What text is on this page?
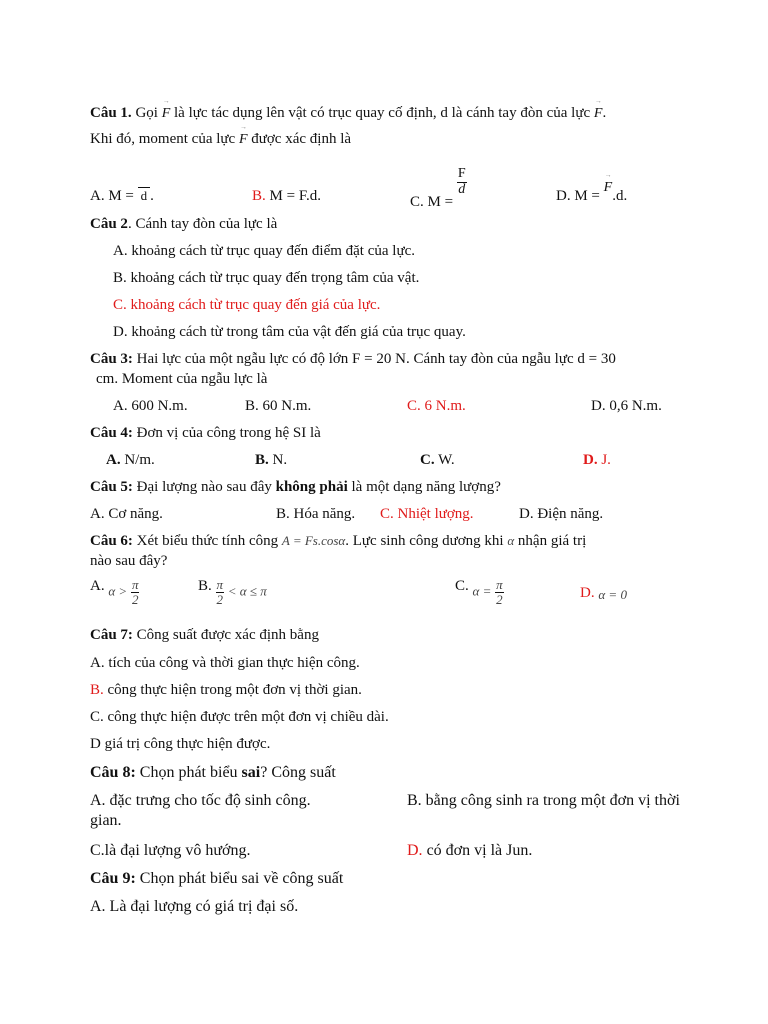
Câu 1. Gọi
→
F là lực tác dụng lên vật có trục quay cố định, d là cánh tay đòn của lực
→
F.
Khi đó, moment của lực
→
F được xác định là
A. M = d .	B. M = F.d.	C. M =
$\frac{F}{d}$	D. M =
→
F.d.
Câu 2. Cánh tay đòn của lực là
A. khoảng cách từ trục quay đến điểm đặt của lực.
B. khoảng cách từ trục quay đến trọng tâm của vật.
C. khoảng cách từ trục quay đến giá của lực.
D. khoảng cách từ trong tâm của vật đến giá của trục quay.
Câu 3: Hai lực của một ngẫu lực có độ lớn F = 20 N. Cánh tay đòn của ngẫu lực d = 30
cm. Moment của ngẫu lực là
A. 600 N.m.	B. 60 N.m.	C. 6 N.m.	D. 0,6 N.m.
Câu 4: Đơn vị của công trong hệ SI là
A. N/m.	B. N.	C. W.	D. J.
Câu 5: Đại lượng nào sau đây không phải là một dạng năng lượng?
A. Cơ năng.	B. Hóa năng. C. Nhiệt lượng.	D. Điện năng.
Câu 6: Xét biểu thức tính công A = Fs.cosα. Lực sinh công dương khi α nhận giá trị
nào sau đây?
A. $\alpha > \frac{\pi}{2}$	B. $\frac{\pi}{2} < \alpha \le \pi$	C. $\alpha = \frac{\pi}{2}$	D. α = 0
Câu 7: Công suất được xác định bằng
A. tích của công và thời gian thực hiện công.
B. công thực hiện trong một đơn vị thời gian.
C. công thực hiện được trên một đơn vị chiều dài.
D giá trị công thực hiện được.
Câu 8: Chọn phát biểu sai? Công suất
A. đặc trưng cho tốc độ sinh công.	B. bằng công sinh ra trong một đơn vị thời
gian.
C.là đại lượng vô hướng.	D. có đơn vị là Jun.
Câu 9: Chọn phát biểu sai về công suất
A. Là đại lượng có giá trị đại số.
